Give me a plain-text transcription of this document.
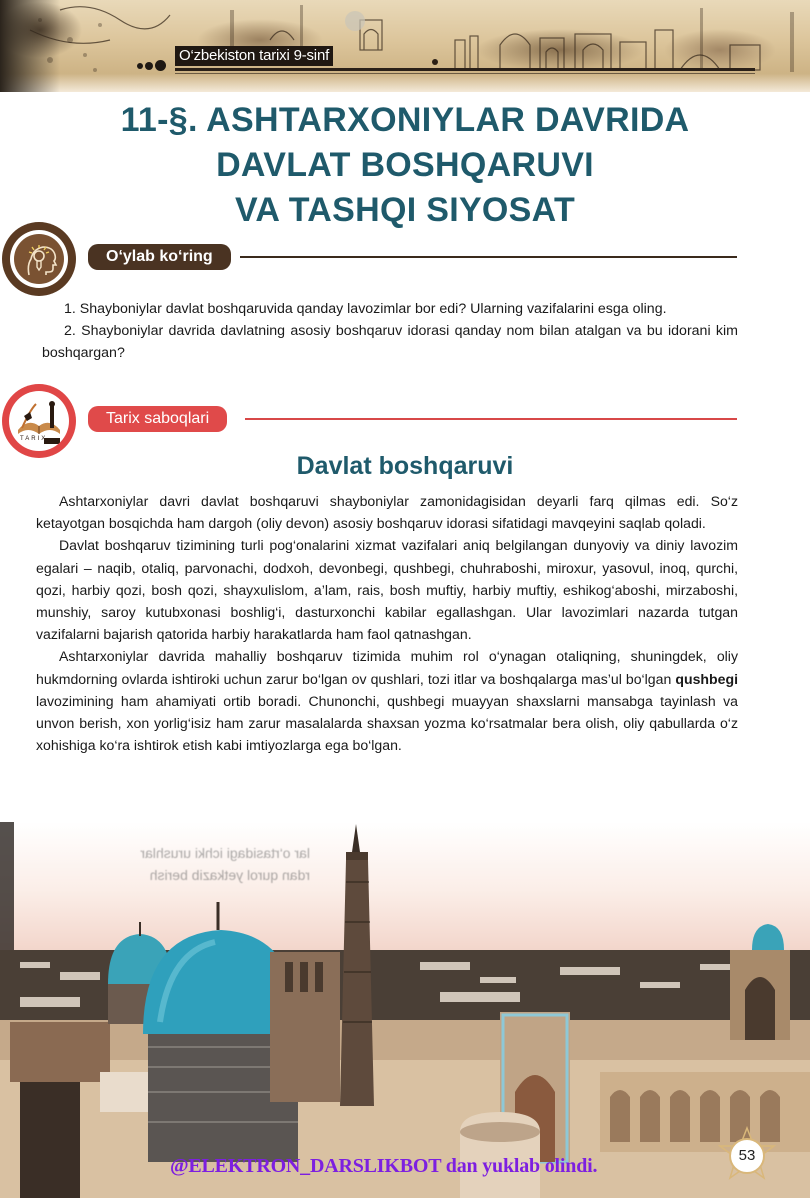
O‘zbekiston tarixi 9-sinf
11-§. ASHTARXONIYLAR DAVRIDA
DAVLAT BOSHQARUVI
VA TASHQI SIYOSAT
O‘ylab ko‘ring

1. Shayboniylar davlat boshqaruvida qanday lavozimlar bor edi? Ularning vazifalarini esga oling.

2. Shayboniylar davrida davlatning asosiy boshqaruv idorasi qanday nom bilan atalgan va bu idorani kim boshqargan?

TARIX
Tarix saboqlari
Davlat boshqaruvi

Ashtarxoniylar davri davlat boshqaruvi shayboniylar zamonidagisidan deyarli farq qilmas edi. So‘z ketayotgan bosqichda ham dargoh (oliy devon) asosiy boshqaruv idorasi sifatidagi mavqeyini saqlab qoladi.

Davlat boshqaruv tizimining turli pog‘onalarini xizmat vazifalari aniq belgilangan dunyoviy va diniy lavozim egalari – naqib, otaliq, parvonachi, dodxoh, devonbegi, qushbegi, chuhraboshi, miroxur, yasovul, inoq, qurchi, qozi, harbiy qozi, bosh qozi, shayxulislom, a’lam, rais, bosh muftiy, harbiy muftiy, eshikog‘aboshi, mirzaboshi, munshiy, saroy kutubxonasi boshlig‘i, dasturxonchi kabilar egallashgan. Ular lavozimlari nazarda tutgan vazifalarni bajarish qatorida harbiy harakatlarda ham faol qatnashgan.

Ashtarxoniylar davrida mahalliy boshqaruv tizimida muhim rol o‘ynagan otaliqning, shuningdek, oliy hukmdorning ovlarda ishtiroki uchun zarur bo‘lgan ov qushlari, tozi itlar va boshqalarga mas’ul bo‘lgan qushbegi lavozimining ham ahamiyati ortib boradi. Chunonchi, qushbegi muayyan shaxslarni mansabga tayinlash va unvon berish, xon yorlig‘isiz ham zarur masalalarda shaxsan yozma ko‘rsatmalar bera olish, oliy qabullarda o‘z xohishiga ko‘ra ishtirok etish kabi imtiyozlarga ega bo‘lgan.

lar o‘rtasidagi ichki urushlar
rdan qurol yetkazib berish
53
@ELEKTRON_DARSLIKBOT dan yuklab olindi.
